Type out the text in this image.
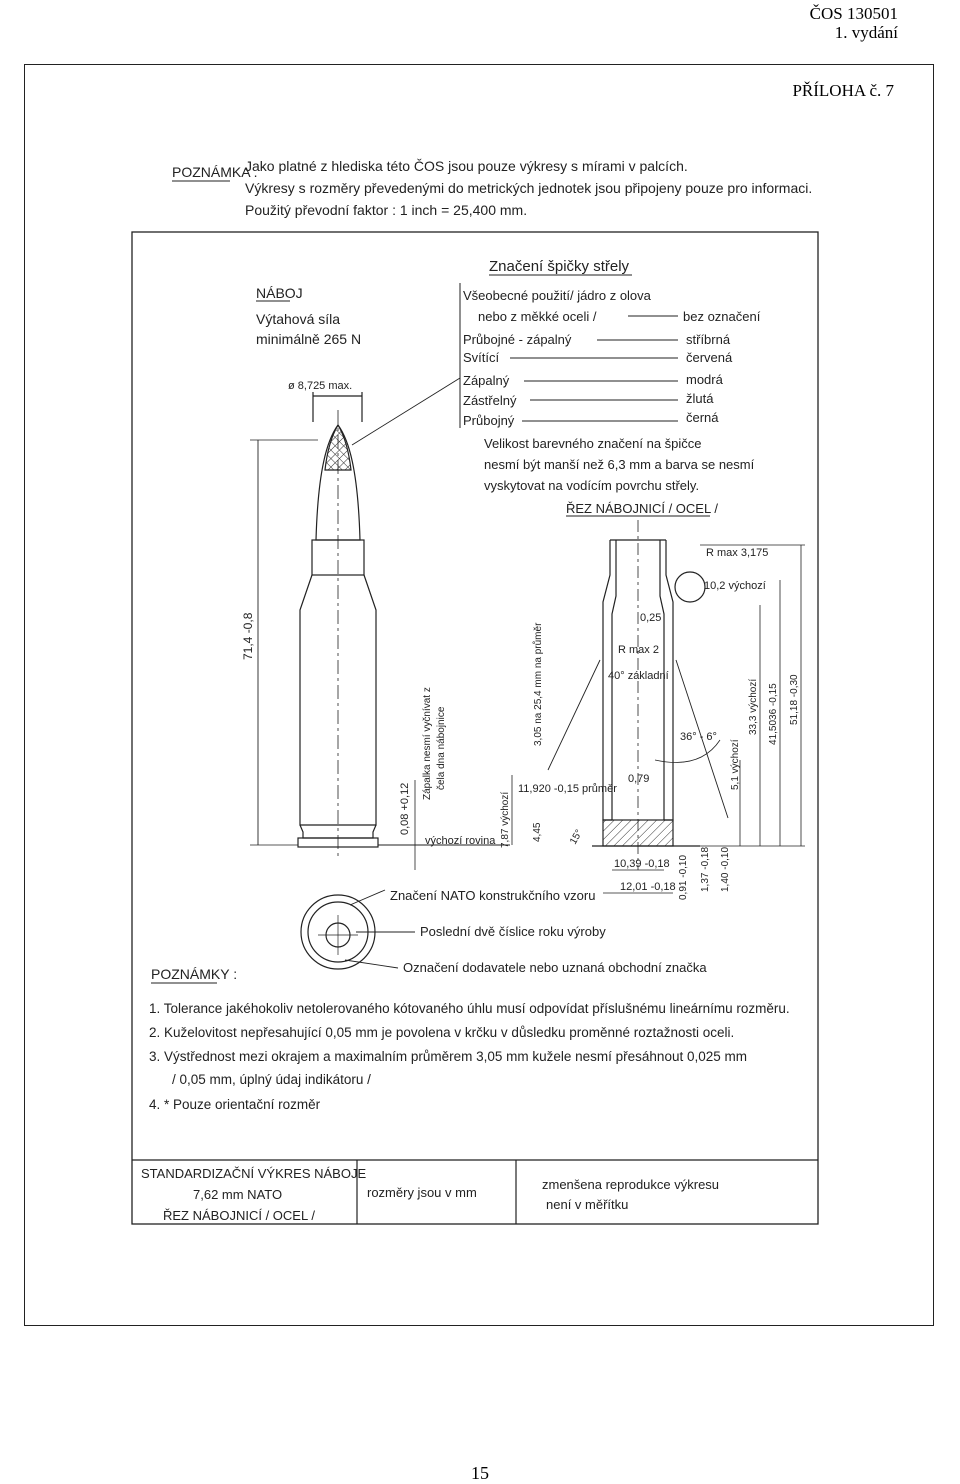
ČOS 130501
1. vydání
PŘÍLOHA č. 7
POZNÁMKA .
Jako platné z hlediska této ČOS jsou pouze výkresy s mírami v palcích.
Výkresy s rozměry převedenými do metrických jednotek jsou připojeny pouze pro informaci.
Použitý převodní faktor : 1 inch = 25,400 mm.
NÁBOJ
Výtahová síla
minimálně 265 N
ø 8,725 max.
71,4 -0,8
0,08 +0,12
Zápalka nesmí vyčnívat z čela dna nábojnice
výchozí rovina
Značení špičky střely
Všeobecné použití/ jádro z olova
nebo z měkké oceli /	bez označení
Průbojné - zápalný	stříbrná
Svítící	červená
Zápalný	modrá
Zástřelný	žlutá
Průbojný	černá
Velikost barevného značení na špičce
nesmí být manší než 6,3 mm a barva se nesmí
vyskytovat na vodícím povrchu střely.
ŘEZ NÁBOJNICÍ / OCEL /
R max 3,175
10,2 výchozí
0,25
R max 2
40° základní
36° - 6°
3,05 na 25,4 mm na průměr
11,920 -0,15 průměr
0,79
7,87 výchozí 4,45	15°
10,39 -0,18
12,01 -0,18 0,91 -0,10 1,37 -0,18 1,40 -0,10
5,1 výchozí
33,3 výchozí 41,5036 -0,15 51,18 -0,30
Značení NATO konstrukčního vzoru
Poslední dvě číslice roku výroby
Označení dodavatele nebo uznaná obchodní značka
POZNÁMKY :
1. Tolerance jakéhokoliv netolerovaného kótovaného úhlu musí odpovídat příslušnému lineárnímu rozměru.
2. Kuželovitost nepřesahující 0,05 mm je povolena v krčku v důsledku proměnné roztažnosti oceli.
3. Výstřednost mezi okrajem a maximalním průměrem 3,05 mm kužele nesmí přesáhnout 0,025 mm
/ 0,05 mm, úplný údaj indikátoru /
4. * Pouze orientační rozměr
STANDARDIZAČNÍ VÝKRES NÁBOJE
7,62 mm NATO
ŘEZ NÁBOJNICÍ / OCEL /
rozměry jsou v mm
zmenšena reprodukce výkresu
není v měřítku
15
